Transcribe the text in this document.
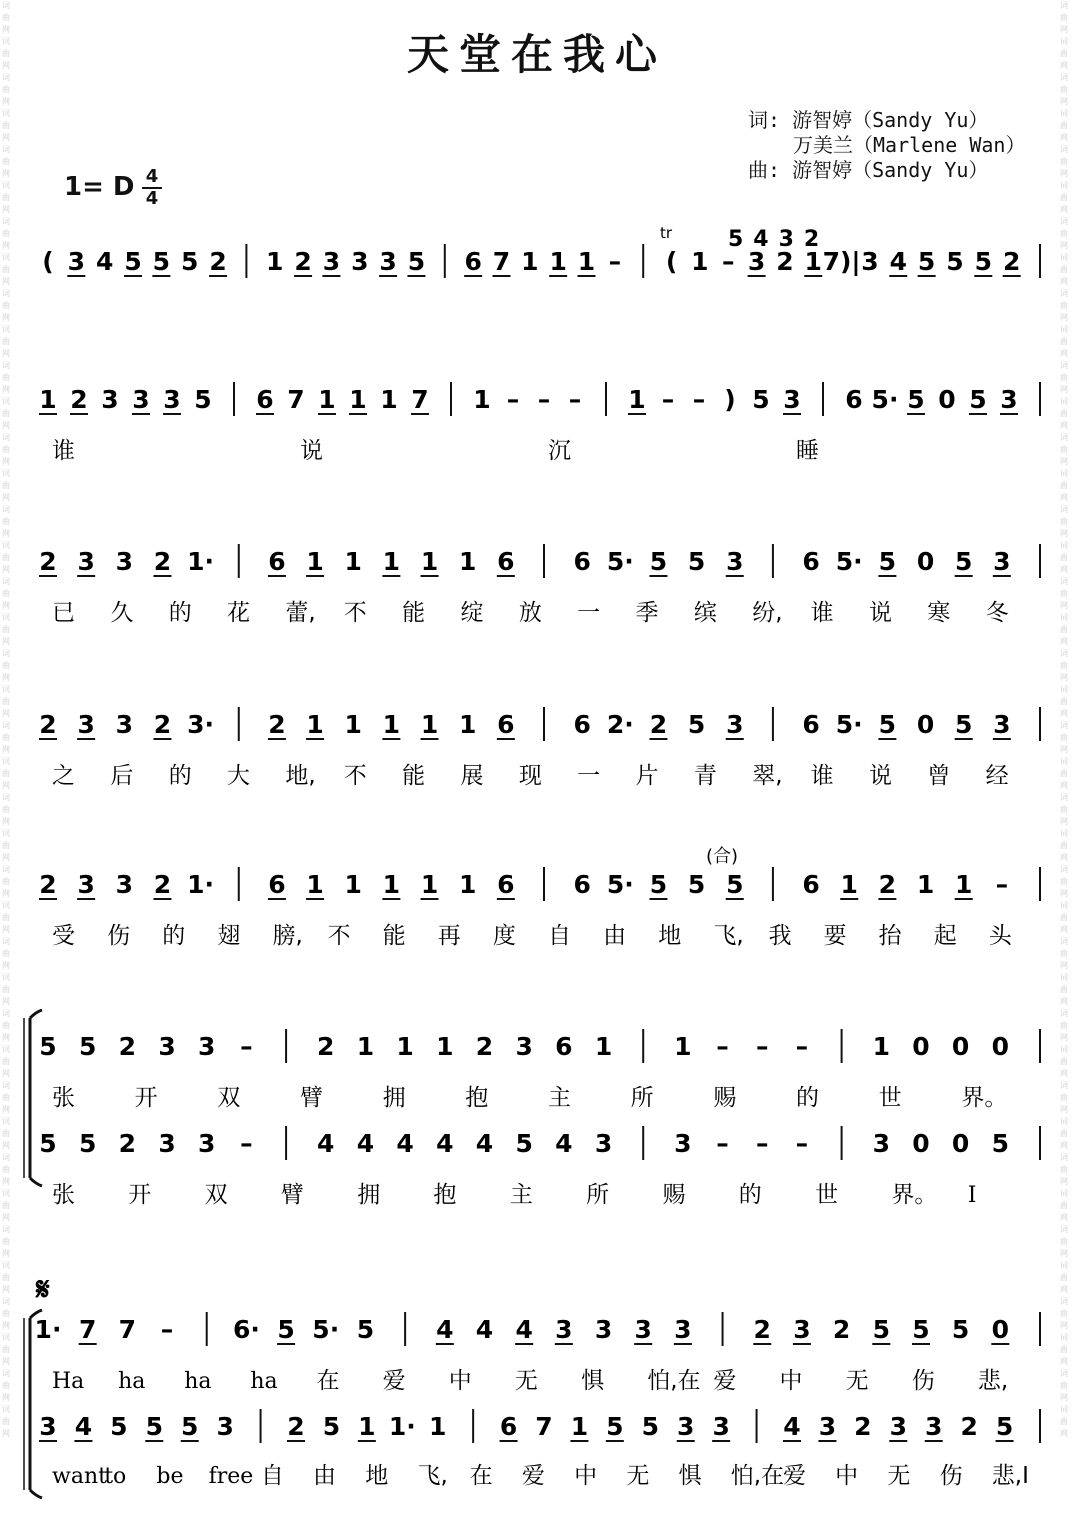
词曲网词曲网词曲网词曲网词曲网词曲网词曲网词曲网词曲网词曲网词曲网词曲网词曲网词曲网词曲网词曲网词曲网词曲网词曲网词曲网词曲网词曲网词曲网词曲网词曲网词曲网词曲网词曲网词曲网词曲网词曲网词曲网词曲网词曲网词曲网词曲网词曲网词曲网词曲网词曲网
词曲网词曲网词曲网词曲网词曲网词曲网词曲网词曲网词曲网词曲网词曲网词曲网词曲网词曲网词曲网词曲网词曲网词曲网词曲网词曲网词曲网词曲网词曲网词曲网词曲网词曲网词曲网词曲网词曲网词曲网词曲网词曲网词曲网词曲网词曲网词曲网词曲网词曲网词曲网词曲网
天堂在我心
词: 游智婷（Sandy Yu）
万美兰（Marlene Wan）
曲: 游智婷（Sandy Yu）
1= D 4
4
( 3 4 5 5 5 2 1 2 3 3 3 5 6 7 1 1 1 – ( 1 – 3 2 1 7)| 3 4 5 5 5 2
1 2 3 3 3 5 6 7 1 1 1 7 1 – – – 1 – – ) 5 3 6 5· 5 0 5 3
2 3 3 2 1· 6 1 1 1 1 1 6 6 5· 5 5 3 6 5· 5 0 5 3
2 3 3 2 3· 2 1 1 1 1 1 6 6 2· 2 5 3 6 5· 5 0 5 3
2 3 3 2 1· 6 1 1 1 1 1 6 6 5· 5 5 5 6 1 2 1 1 –
5 5 2 3 3 –	2 1 1 1 2 3 6 1 1 – – –	1 0 0 0
5 5 2 3 3 –	4 4 4 4 4 5 4 3 3 – – –	3 0 0 5
1· 7 7 – 6· 5 5· 5 4 4 4 3 3 3 3 2 3 2 5 5 5 0
3 4 5 5 5 3 2 5 1 1· 1 6 7 1 5 5 3 3 4 3 2 3 3 2 5
谁	说	沉	睡
已 久 的 花 蕾, 不 能 绽 放 一 季 缤 纷, 谁 说 寒 冬
之 后 的 大 地, 不 能 展 现 一 片 青 翠, 谁 说 曾 经
受 伤 的 翅 膀, 不 能 再 度 自 由 地 飞, 我 要 抬 起 头
张	开	双	臂	拥	抱	主	所	赐	的	世	界。
张 开 双 臂 拥 抱 主 所 赐 的 世 界。 I
Ha ha ha ha 在 爱 中 无 惧 怕,在 爱 中 无 伤 悲,
want
to be free 自 由 地 飞, 在 爱 中 无 惧 怕,在
爱 中 无 伤 悲,I
tr
(合)
𝄋
5432
